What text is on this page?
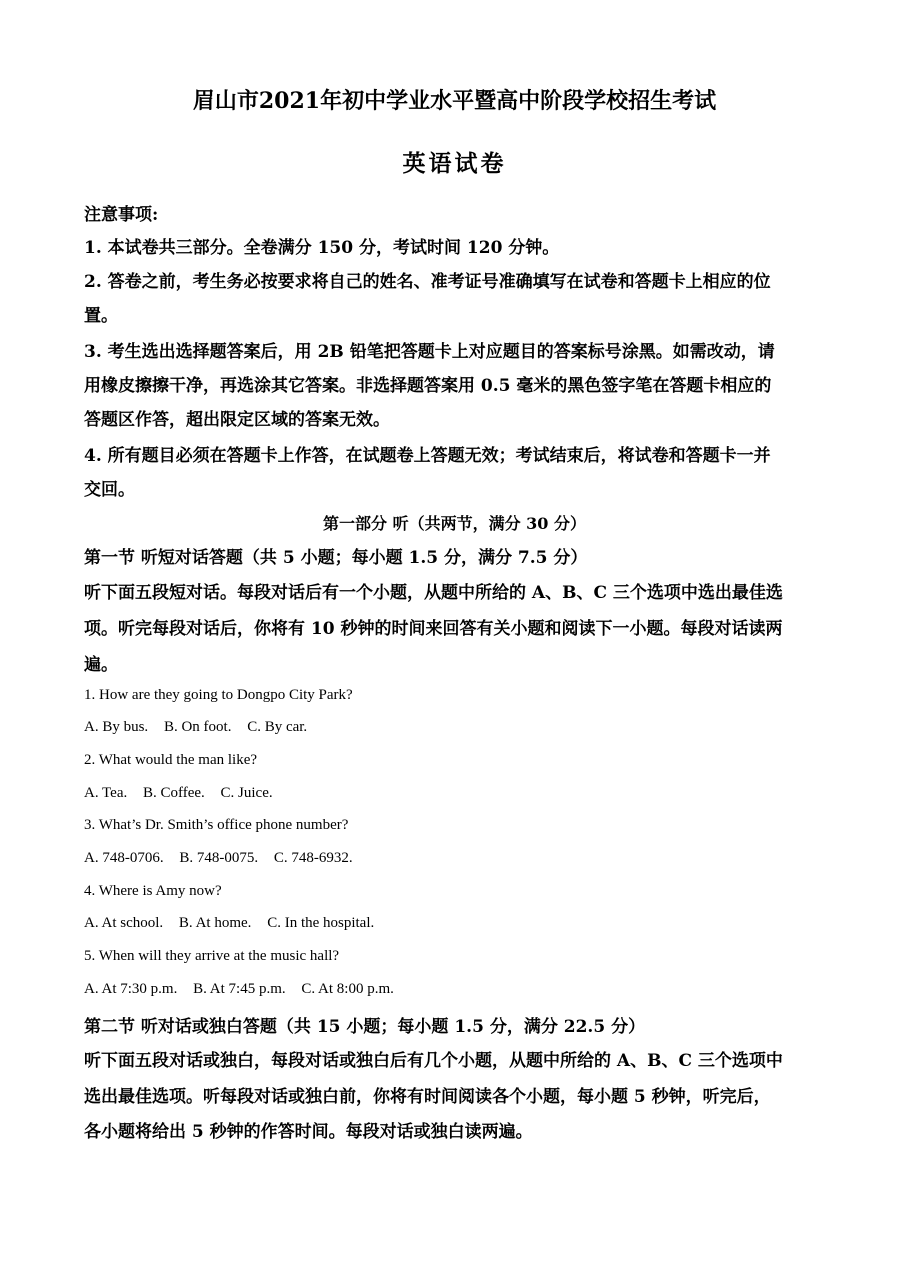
眉山市2021年初中学业水平暨高中阶段学校招生考试
英语试卷
注意事项:
1. 本试卷共三部分。全卷满分 150 分，考试时间 120 分钟。
2. 答卷之前，考生务必按要求将自己的姓名、准考证号准确填写在试卷和答题卡上相应的位
置。
3. 考生选出选择题答案后，用 2B 铅笔把答题卡上对应题目的答案标号涂黑。如需改动，请
用橡皮擦擦干净，再选涂其它答案。非选择题答案用 0.5 毫米的黑色签字笔在答题卡相应的
答题区作答，超出限定区域的答案无效。
4. 所有题目必须在答题卡上作答，在试题卷上答题无效；考试结束后，将试卷和答题卡一并
交回。
第一部分 听（共两节，满分 30 分）
第一节 听短对话答题（共 5 小题；每小题 1.5 分，满分 7.5 分）
听下面五段短对话。每段对话后有一个小题，从题中所给的 A、B、C 三个选项中选出最佳选
项。听完每段对话后，你将有 10 秒钟的时间来回答有关小题和阅读下一小题。每段对话读两
遍。
1. How are they going to Dongpo City Park?
A. By bus. B. On foot. C. By car.
2. What would the man like?
A. Tea. B. Coffee. C. Juice.
3. What’s Dr. Smith’s office phone number?
A. 748-0706. B. 748-0075. C. 748-6932.
4. Where is Amy now?
A. At school. B. At home. C. In the hospital.
5. When will they arrive at the music hall?
A. At 7:30 p.m. B. At 7:45 p.m. C. At 8:00 p.m.
第二节 听对话或独白答题（共 15 小题；每小题 1.5 分，满分 22.5 分）
听下面五段对话或独白，每段对话或独白后有几个小题，从题中所给的 A、B、C 三个选项中
选出最佳选项。听每段对话或独白前，你将有时间阅读各个小题，每小题 5 秒钟，听完后，
各小题将给出 5 秒钟的作答时间。每段对话或独白读两遍。
